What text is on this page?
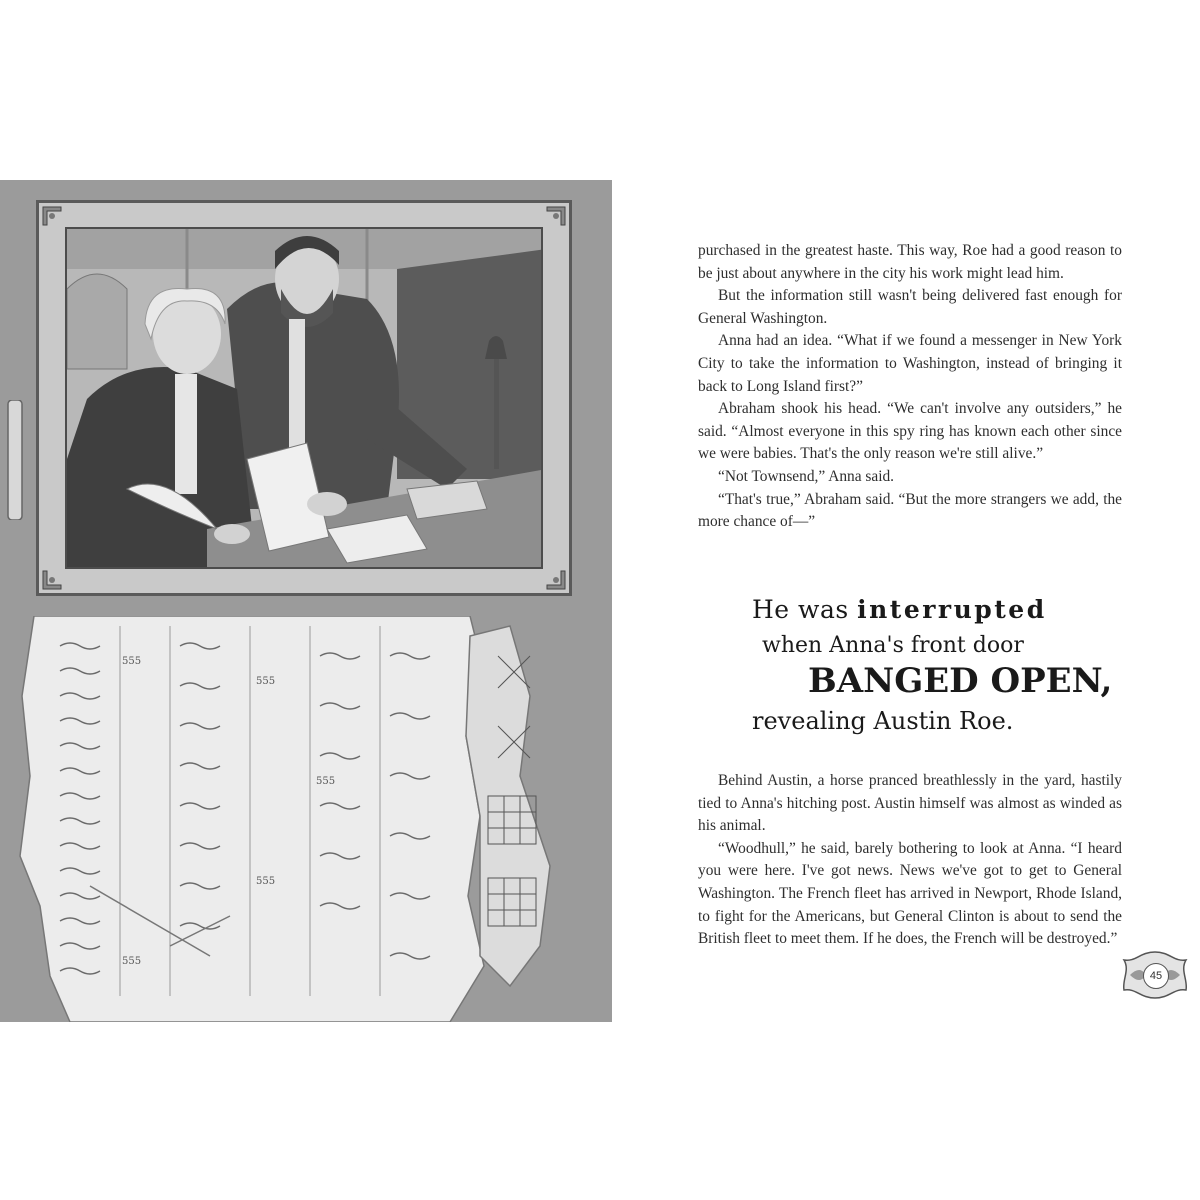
555
555
555
555
555

purchased in the greatest haste. This way, Roe had a good reason to be just about anywhere in the city his work might lead him.

But the information still wasn't being delivered fast enough for General Washington.

Anna had an idea. “What if we found a messenger in New York City to take the information to Washington, instead of bringing it back to Long Island first?”

Abraham shook his head. “We can't involve any outsiders,” he said. “Almost everyone in this spy ring has known each other since we were babies. That's the only reason we're still alive.”

“Not Townsend,” Anna said.

“That's true,” Abraham said. “But the more strangers we add, the more chance of—”

He was interrupted
when Anna's front door
BANGED OPEN,
revealing Austin Roe.

Behind Austin, a horse pranced breathlessly in the yard, hastily tied to Anna's hitching post. Austin himself was almost as winded as his animal.

“Woodhull,” he said, barely bothering to look at Anna. “I heard you were here. I've got news. News we've got to get to General Washington. The French fleet has arrived in Newport, Rhode Island, to fight for the Americans, but General Clinton is about to send the British fleet to meet them. If he does, the French will be destroyed.”

45
